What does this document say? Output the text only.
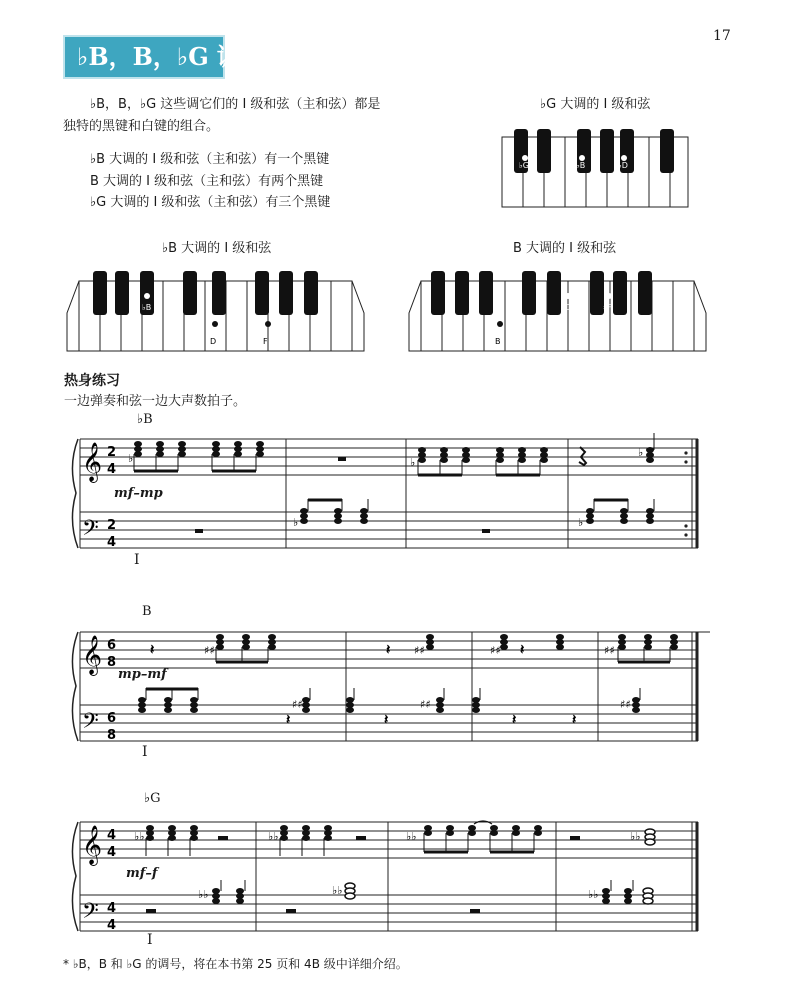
17
♭B，B，♭G 调
♭B，B，♭G 这些调它们的 I 级和弦（主和弦）都是
独特的黑键和白键的组合。
♭B 大调的 I 级和弦（主和弦）有一个黑键
B 大调的 I 级和弦（主和弦）有两个黑键
♭G 大调的 I 级和弦（主和弦）有三个黑键
♭G 大调的 I 级和弦
♭G	♭B	♭D
♭B 大调的 I 级和弦
♭B
D	F
B 大调的 I 级和弦
B
♯D	♯F
热身练习
一边弹奏和弦一边大声数拍子。
♭B
𝄞
𝄢
2
4
2
4
♭	♭
♭
♭	♭
mf–mp
I
B
𝄞
𝄢
6
8
6
8
♯♯	♯♯	♯♯	♯♯
♯♯	♯♯	♯♯
𝄽	𝄽	𝄽
𝄽	𝄽	𝄽	𝄽
mp–mf
I
♭G
𝄞
𝄢
4
4
4
4
♭♭	♭♭	♭♭	♭♭
♭♭	♭♭	♭♭
mf–f
I
* ♭B，B 和 ♭G 的调号，将在本书第 25 页和 4B 级中详细介绍。
